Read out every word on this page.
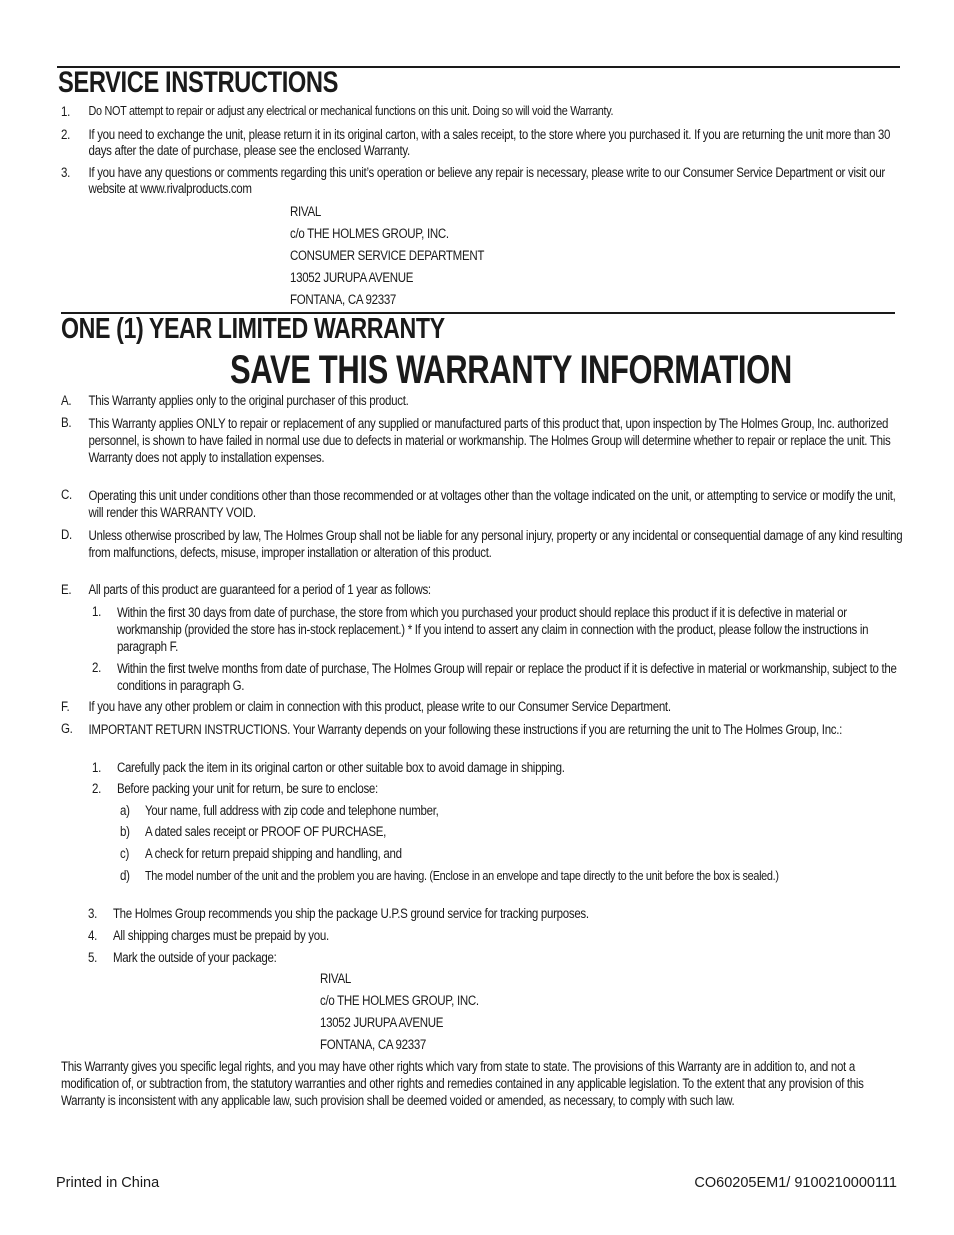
SERVICE INSTRUCTIONS
1. Do NOT attempt to repair or adjust any electrical or mechanical functions on this unit. Doing so will void the Warranty.
2. If you need to exchange the unit, please return it in its original carton, with a sales receipt, to the store where you purchased it. If you are returning the unit more than 30 days after the date of purchase, please see the enclosed Warranty.
3. If you have any questions or comments regarding this unit’s operation or believe any repair is necessary, please write to our Consumer Service Department or visit our website at www.rivalproducts.com
RIVAL
c/o THE HOLMES GROUP, INC.
CONSUMER SERVICE DEPARTMENT
13052 JURUPA AVENUE
FONTANA, CA 92337
ONE (1) YEAR LIMITED WARRANTY
SAVE THIS WARRANTY INFORMATION
A. This Warranty applies only to the original purchaser of this product.
B. This Warranty applies ONLY to repair or replacement of any supplied or manufactured parts of this product that, upon inspection by The Holmes Group, Inc. authorized personnel, is shown to have failed in normal use due to defects in material or workmanship. The Holmes Group will determine whether to repair or replace the unit. This Warranty does not apply to installation expenses.
C. Operating this unit under conditions other than those recommended or at voltages other than the voltage indicated on the unit, or attempting to service or modify the unit, will render this WARRANTY VOID.
D. Unless otherwise proscribed by law, The Holmes Group shall not be liable for any personal injury, property or any incidental or consequential damage of any kind resulting from malfunctions, defects, misuse, improper installation or alteration of this product.
E. All parts of this product are guaranteed for a period of 1 year as follows:
1. Within the first 30 days from date of purchase, the store from which you purchased your product should replace this product if it is defective in material or workmanship (provided the store has in-stock replacement.) * If you intend to assert any claim in connection with the product, please follow the instructions in paragraph F.
2. Within the first twelve months from date of purchase, The Holmes Group will repair or replace the product if it is defective in material or workmanship, subject to the conditions in paragraph G.
F. If you have any other problem or claim in connection with this product, please write to our Consumer Service Department.
G. IMPORTANT RETURN INSTRUCTIONS. Your Warranty depends on your following these instructions if you are returning the unit to The Holmes Group, Inc.:
1. Carefully pack the item in its original carton or other suitable box to avoid damage in shipping.
2. Before packing your unit for return, be sure to enclose:
a) Your name, full address with zip code and telephone number,
b) A dated sales receipt or PROOF OF PURCHASE,
c) A check for return prepaid shipping and handling, and
d) The model number of the unit and the problem you are having. (Enclose in an envelope and tape directly to the unit before the box is sealed.)
3. The Holmes Group recommends you ship the package U.P.S ground service for tracking purposes.
4. All shipping charges must be prepaid by you.
5. Mark the outside of your package:
RIVAL
c/o THE HOLMES GROUP, INC.
13052 JURUPA AVENUE
FONTANA, CA 92337
This Warranty gives you specific legal rights, and you may have other rights which vary from state to state. The provisions of this Warranty are in addition to, and not a modification of, or subtraction from, the statutory warranties and other rights and remedies contained in any applicable legislation. To the extent that any provision of this Warranty is inconsistent with any applicable law, such provision shall be deemed voided or amended, as necessary, to comply with such law.
Printed in China	CO60205EM1/ 9100210000111
